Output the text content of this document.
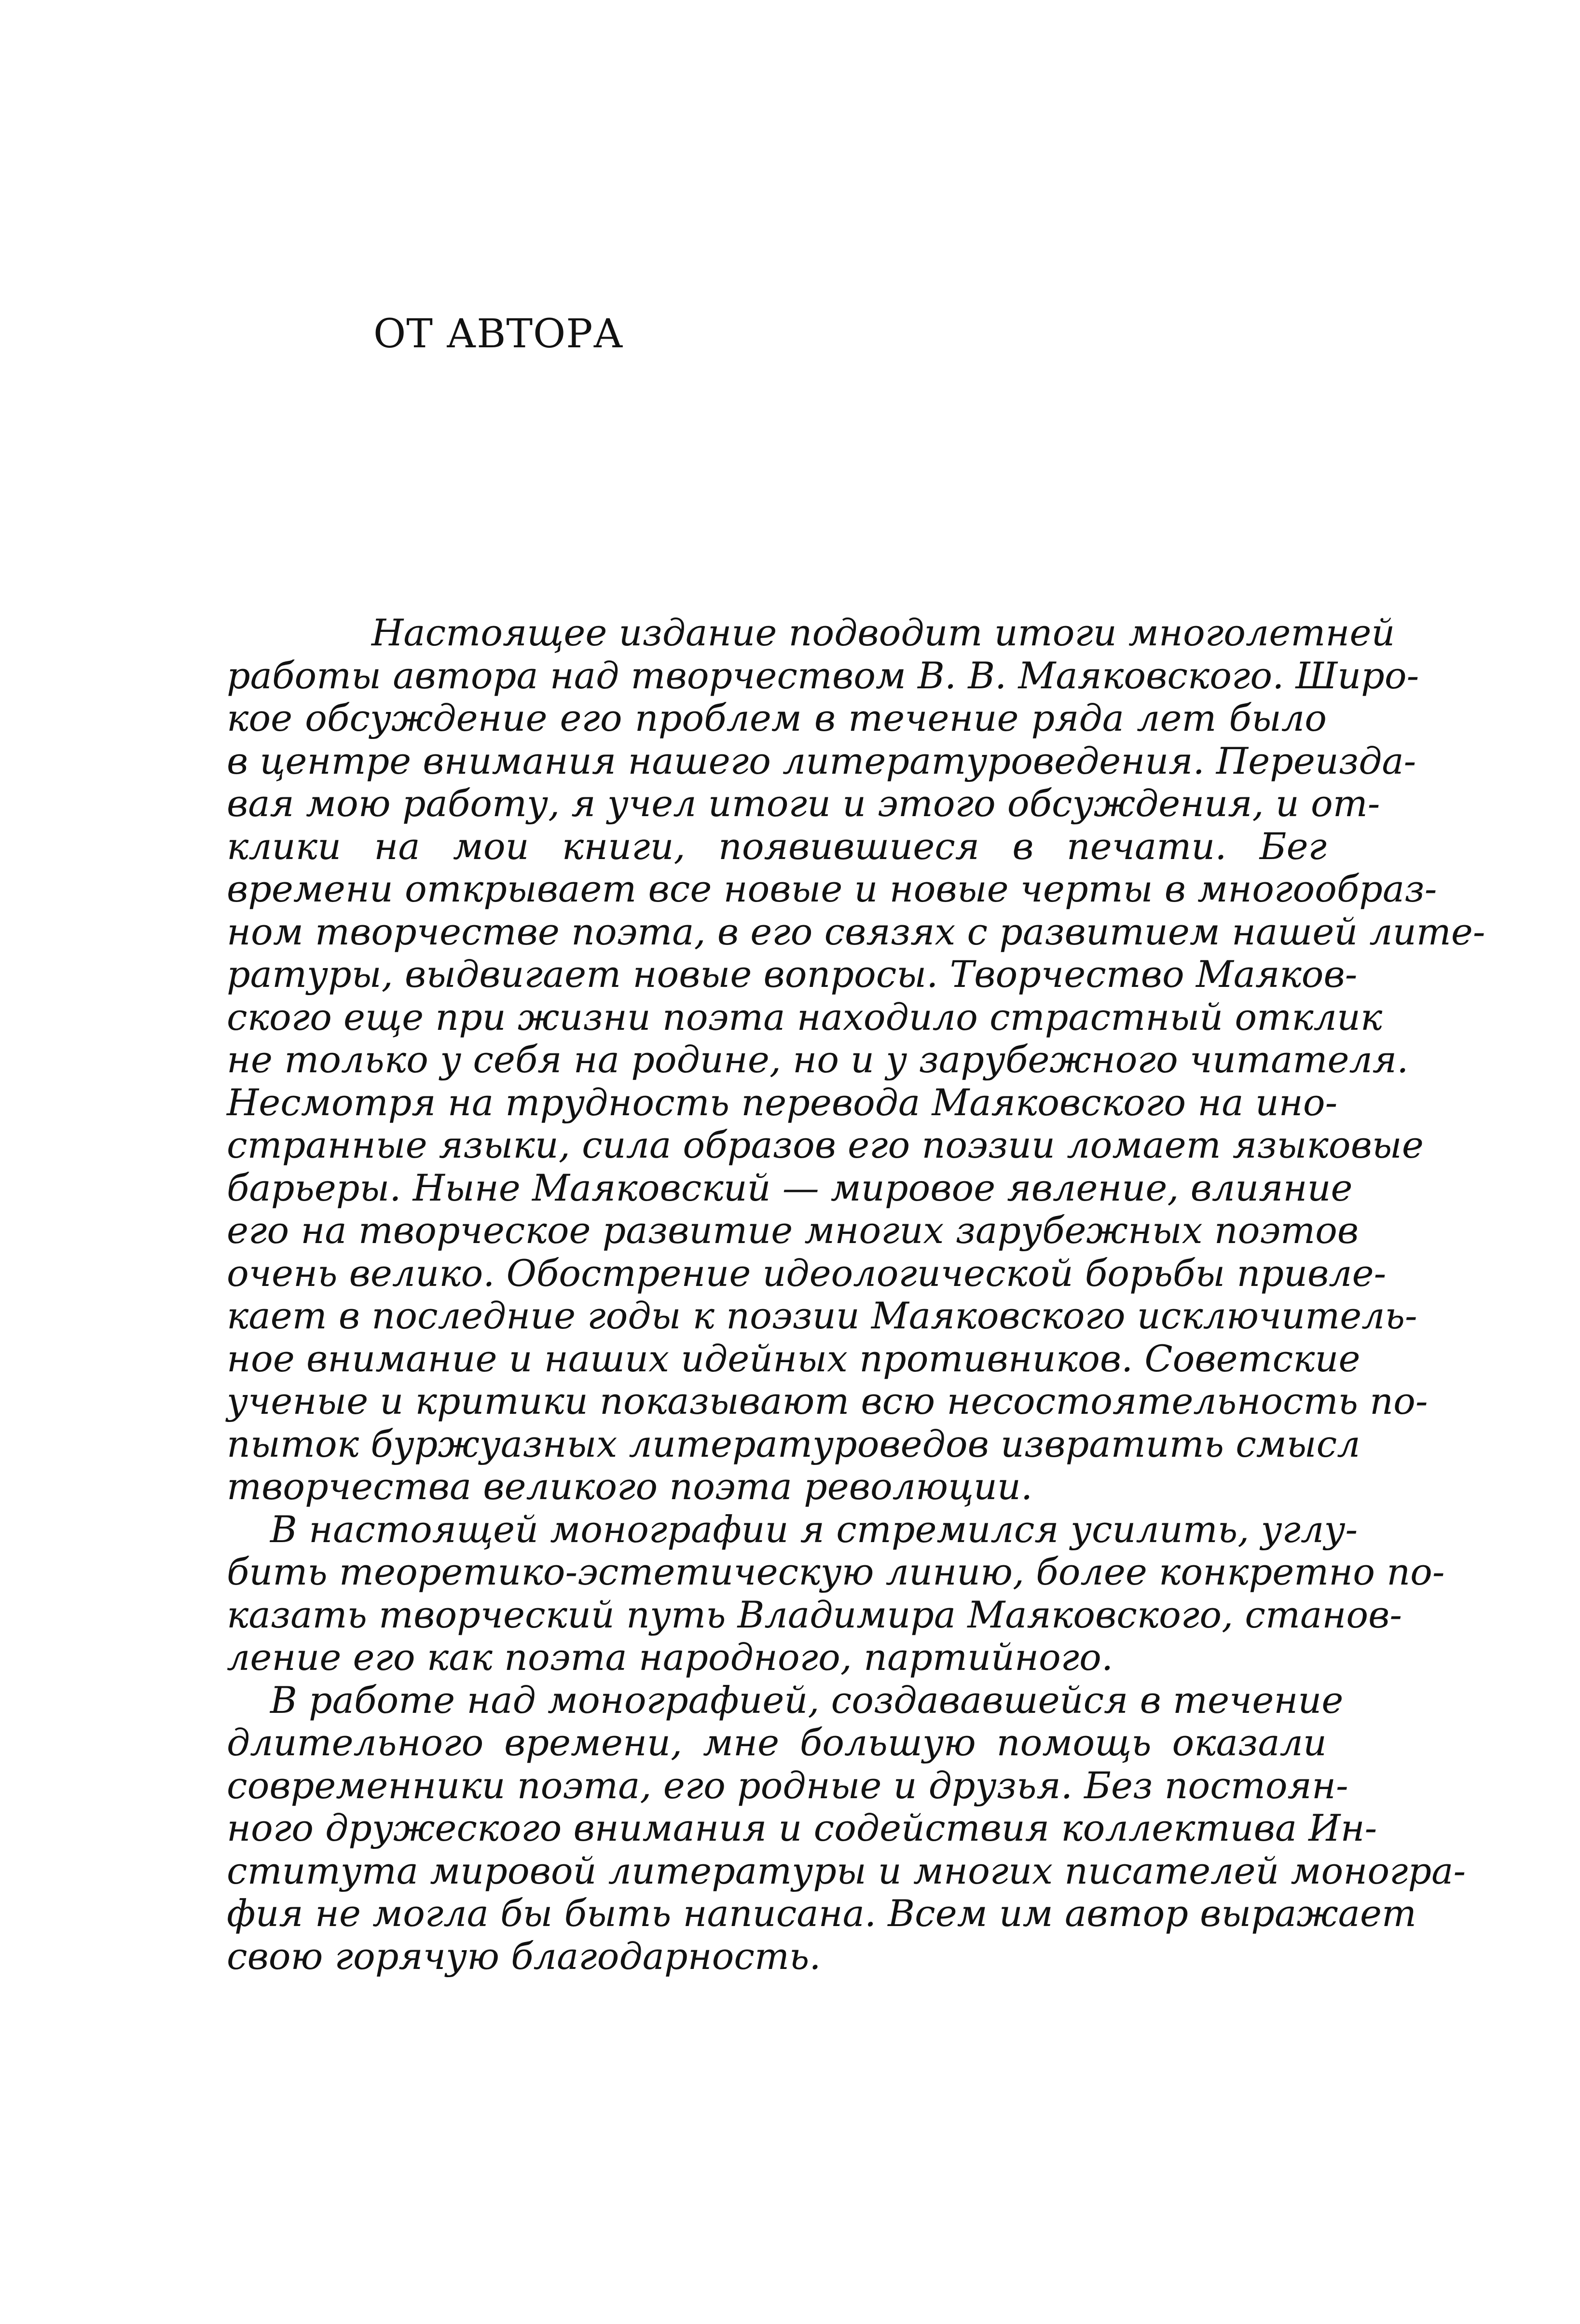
ОТ АВТОРА
Настоящее издание подводит итоги многолетней
работы автора над творчеством В. В. Маяковского. Широ-
кое обсуждение его проблем в течение ряда лет было
в центре внимания нашего литературоведения. Переизда-
вая мою работу, я учел итоги и этого обсуждения, и от-
клики на мои книги, появившиеся в печати. Бег
времени открывает все новые и новые черты в многообраз-
ном творчестве поэта, в его связях с развитием нашей лите-
ратуры, выдвигает новые вопросы. Творчество Маяков-
ского еще при жизни поэта находило страстный отклик
не только у себя на родине, но и у зарубежного читателя.
Несмотря на трудность перевода Маяковского на ино-
странные языки, сила образов его поэзии ломает языковые
барьеры. Ныне Маяковский — мировое явление, влияние
его на творческое развитие многих зарубежных поэтов
очень велико. Обострение идеологической борьбы привле-
кает в последние годы к поэзии Маяковского исключитель-
ное внимание и наших идейных противников. Советские
ученые и критики показывают всю несостоятельность по-
пыток буржуазных литературоведов извратить смысл
творчества великого поэта революции.
В настоящей монографии я стремился усилить, углу-
бить теоретико-эстетическую линию, более конкретно по-
казать творческий путь Владимира Маяковского, станов-
ление его как поэта народного, партийного.
В работе над монографией, создававшейся в течение
длительного времени, мне большую помощь оказали
современники поэта, его родные и друзья. Без постоян-
ного дружеского внимания и содействия коллектива Ин-
ститута мировой литературы и многих писателей моногра-
фия не могла бы быть написана. Всем им автор выражает
свою горячую благодарность.
